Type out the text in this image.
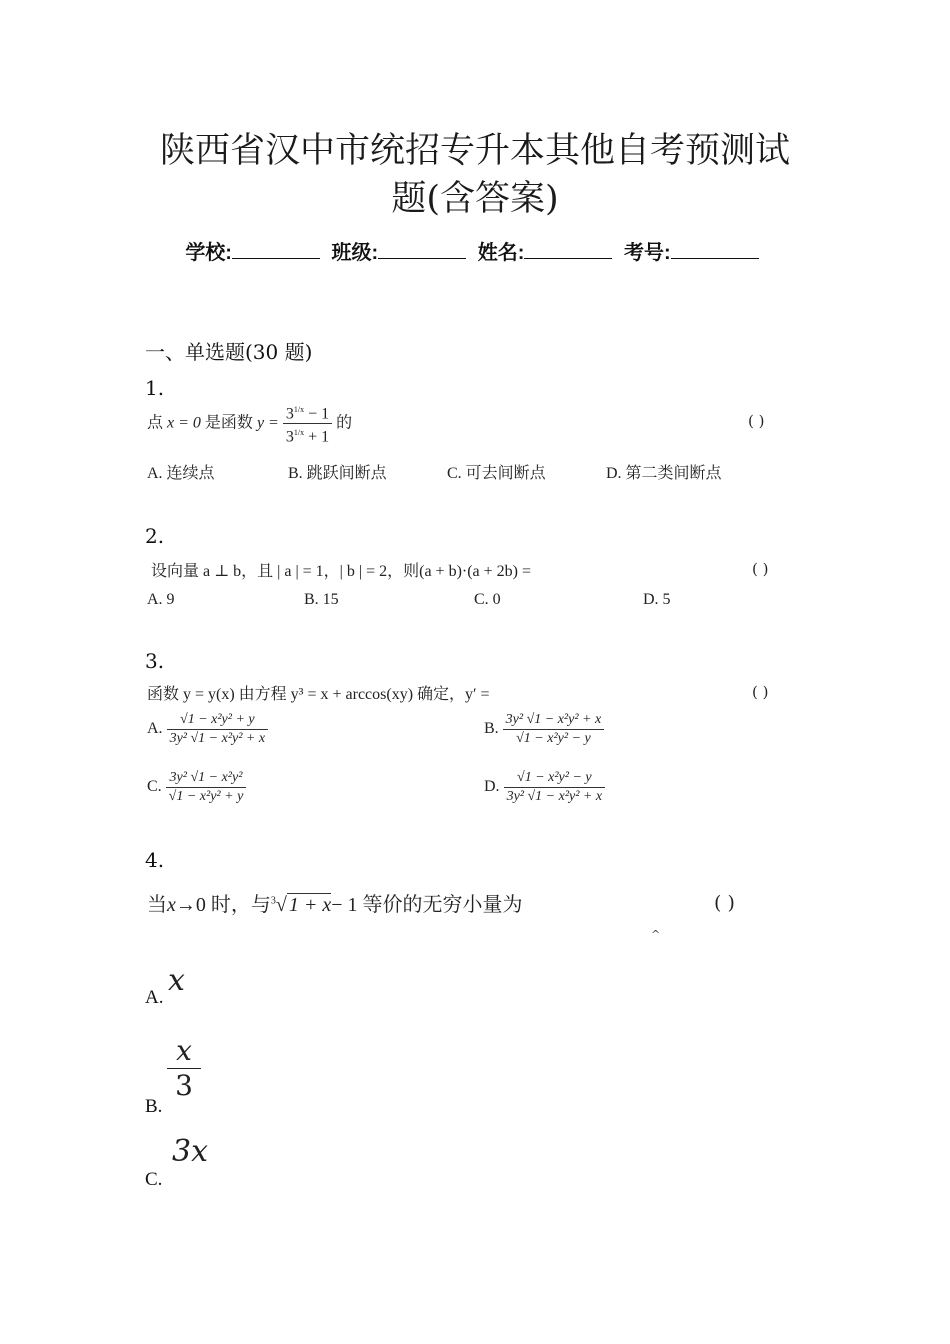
陕西省汉中市统招专升本其他自考预测试
题(含答案)
学校:	班级:	姓名:	考号:
一、单选题(30 题)
1.
点 x = 0 是函数 $y = \frac{3^{1/x} - 1}{3^{1/x} + 1}$ 的	( )
A. 连续点	B. 跳跃间断点	C. 可去间断点	D. 第二类间断点
2.
设向量 a ⊥ b，且 | a | = 1，| b | = 2，则(a + b)·(a + 2b) =	( )
A. 9	B. 15	C. 0	D. 5
3.
函数 y = y(x) 由方程 y³ = x + arccos(xy) 确定，y′ =	( )
A. $\frac{\text{√1 − x²y² + y}}{\text{3y² √1 − x²y² + x}}$	B. $\frac{\text{3y² √1 − x²y² + x}}{\text{√1 − x²y² − y}}$
C. $\frac{\text{3y² √1 − x²y²}}{\text{√1 − x²y² + y}}$	D. $\frac{\text{√1 − x²y² − y}}{\text{3y² √1 − x²y² + x}}$
4.
当x→0 时，与$^3$√ 1 + x− 1 等价的无穷小量为	( )
^
A. x
B.
$\frac{x}{3}$
C.
3x
